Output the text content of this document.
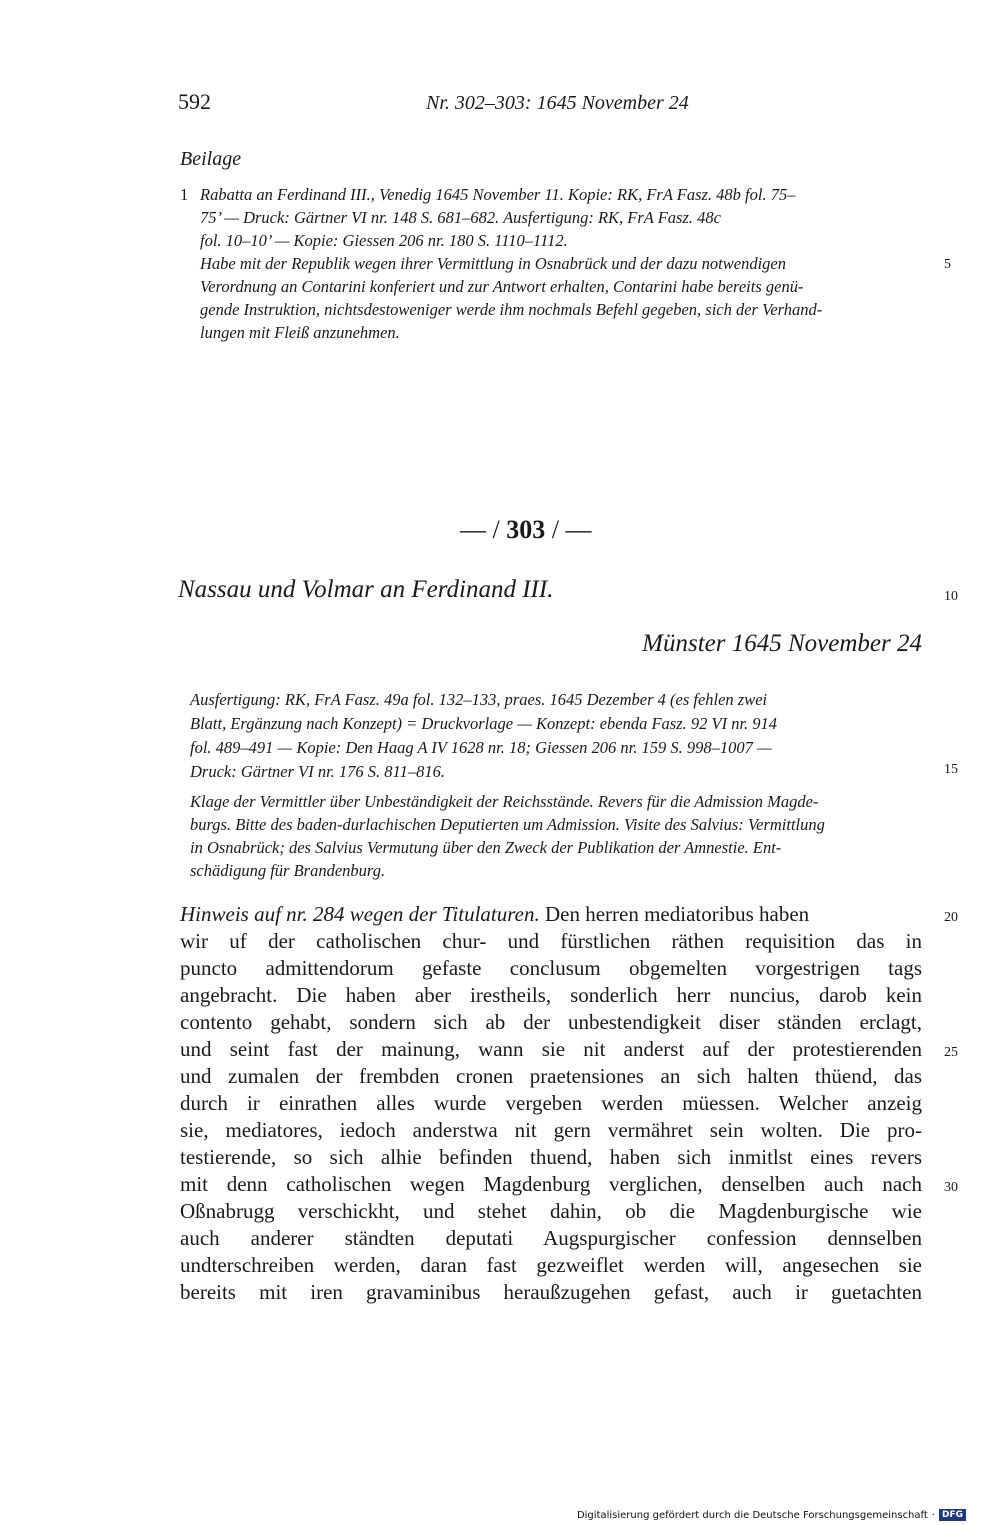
592	Nr. 302–303: 1645 November 24
Beilage
1 Rabatta an Ferdinand III., Venedig 1645 November 11. Kopie: RK, FrA Fasz. 48b fol. 75–
75’ — Druck: Gärtner VI nr. 148 S. 681–682. Ausfertigung: RK, FrA Fasz. 48c
fol. 10–10’ — Kopie: Giessen 206 nr. 180 S. 1110–1112.
Habe mit der Republik wegen ihrer Vermittlung in Osnabrück und der dazu notwendigen
Verordnung an Contarini konferiert und zur Antwort erhalten, Contarini habe bereits genü-
gende Instruktion, nichtsdestoweniger werde ihm nochmals Befehl gegeben, sich der Verhand-
lungen mit Fleiß anzunehmen.
— / 303 / —
Nassau und Volmar an Ferdinand III.
Münster 1645 November 24
Ausfertigung: RK, FrA Fasz. 49a fol. 132–133, praes. 1645 Dezember 4 (es fehlen zwei
Blatt, Ergänzung nach Konzept) = Druckvorlage — Konzept: ebenda Fasz. 92 VI nr. 914
fol. 489–491 — Kopie: Den Haag A IV 1628 nr. 18; Giessen 206 nr. 159 S. 998–1007 —
Druck: Gärtner VI nr. 176 S. 811–816.
Klage der Vermittler über Unbeständigkeit der Reichsstände. Revers für die Admission Magde-
burgs. Bitte des baden-durlachischen Deputierten um Admission. Visite des Salvius: Vermittlung
in Osnabrück; des Salvius Vermutung über den Zweck der Publikation der Amnestie. Ent-
schädigung für Brandenburg.
Hinweis auf nr. 284 wegen der Titulaturen. Den herren mediatoribus haben
wir uf der catholischen chur- und fürstlichen räthen requisition das in
puncto admittendorum gefaste conclusum obgemelten vorgestrigen tags
angebracht. Die haben aber irestheils, sonderlich herr nuncius, darob kein
contento gehabt, sondern sich ab der unbestendigkeit diser ständen erclagt,
und seint fast der mainung, wann sie nit anderst auf der protestierenden
und zumalen der frembden cronen praetensiones an sich halten thüend, das
durch ir einrathen alles wurde vergeben werden müessen. Welcher anzeig
sie, mediatores, iedoch anderstwa nit gern vermähret sein wolten. Die pro-
testierende, so sich alhie befinden thuend, haben sich inmitlst eines revers
mit denn catholischen wegen Magdenburg verglichen, denselben auch nach
Oßnabrugg verschickht, und stehet dahin, ob die Magdenburgische wie
auch anderer ständten deputati Augspurgischer confession dennselben
undterschreiben werden, daran fast gezweiflet werden will, angesechen sie
bereits mit iren gravaminibus heraußzugehen gefast, auch ir guetachten
5
10
15
20
25
30
Digitalisierung gefördert durch die Deutsche Forschungsgemeinschaft · DFG
